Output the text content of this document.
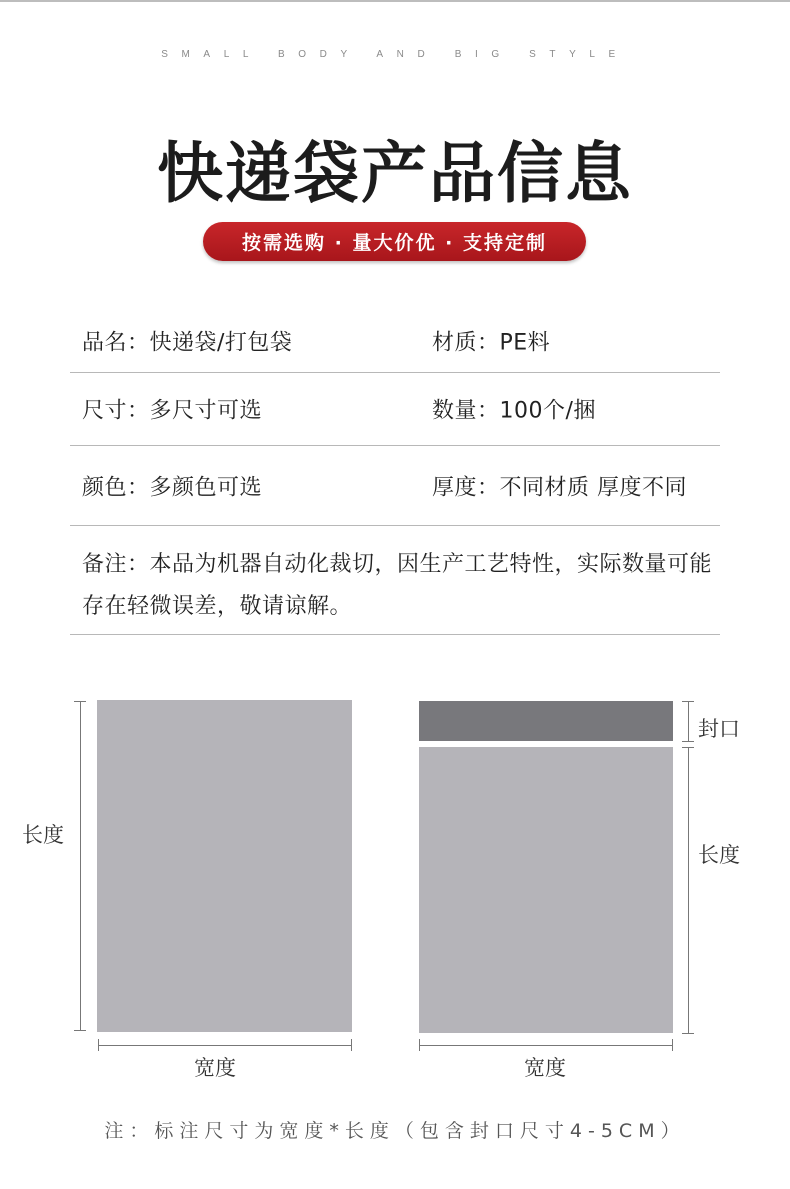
SMALL BODY AND BIG STYLE
快递袋产品信息
按需选购 · 量大价优 · 支持定制
品名：快递袋/打包袋	材质：PE料
尺寸：多尺寸可选	数量：100个/捆
颜色：多颜色可选	厚度：不同材质 厚度不同
备注：本品为机器自动化裁切，因生产工艺特性，实际数量可能存在轻微误差，敬请谅解。
长度
宽度
封口
长度
宽度
注：标注尺寸为宽度*长度（包含封口尺寸4-5CM）
